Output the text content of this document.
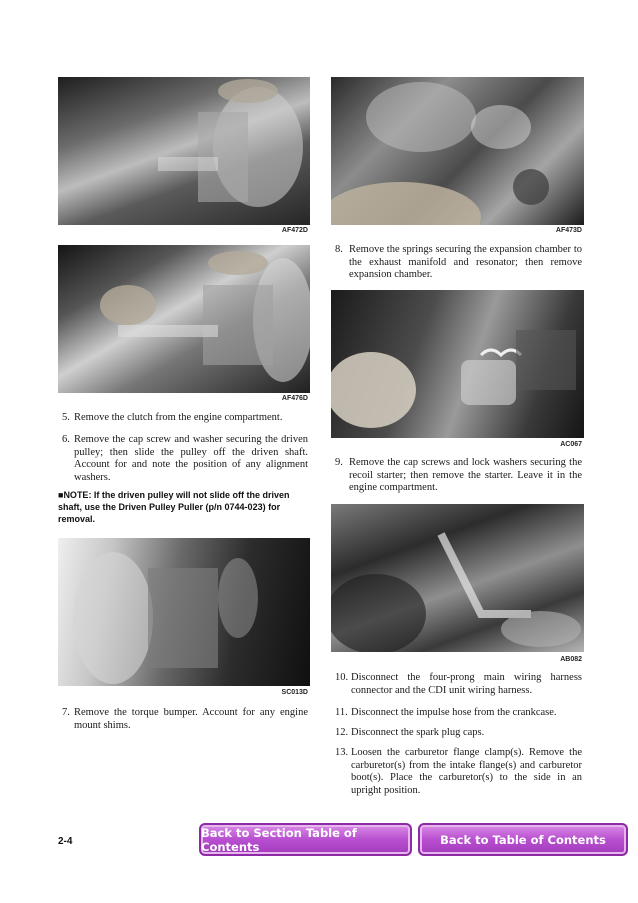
AF472D
AF476D
5. Remove the clutch from the engine compartment.
6. Remove the cap screw and washer securing the driven pulley; then slide the pulley off the driven shaft. Account for and note the position of any alignment washers.
■NOTE: If the driven pulley will not slide off the driven shaft, use the Driven Pulley Puller (p/n 0744-023) for removal.
SC013D
7. Remove the torque bumper. Account for any engine mount shims.
AF473D
8. Remove the springs securing the expansion chamber to the exhaust manifold and resonator; then remove expansion chamber.
AC067
9. Remove the cap screws and lock washers securing the recoil starter; then remove the starter. Leave it in the engine compartment.
AB082
10. Disconnect the four-prong main wiring harness connector and the CDI unit wiring harness.
11. Disconnect the impulse hose from the crankcase.
12. Disconnect the spark plug caps.
13. Loosen the carburetor flange clamp(s). Remove the carburetor(s) from the intake flange(s) and carburetor boot(s). Place the carburetor(s) to the side in an upright position.
2-4
Back to Section Table of Contents	Back to Table of Contents
